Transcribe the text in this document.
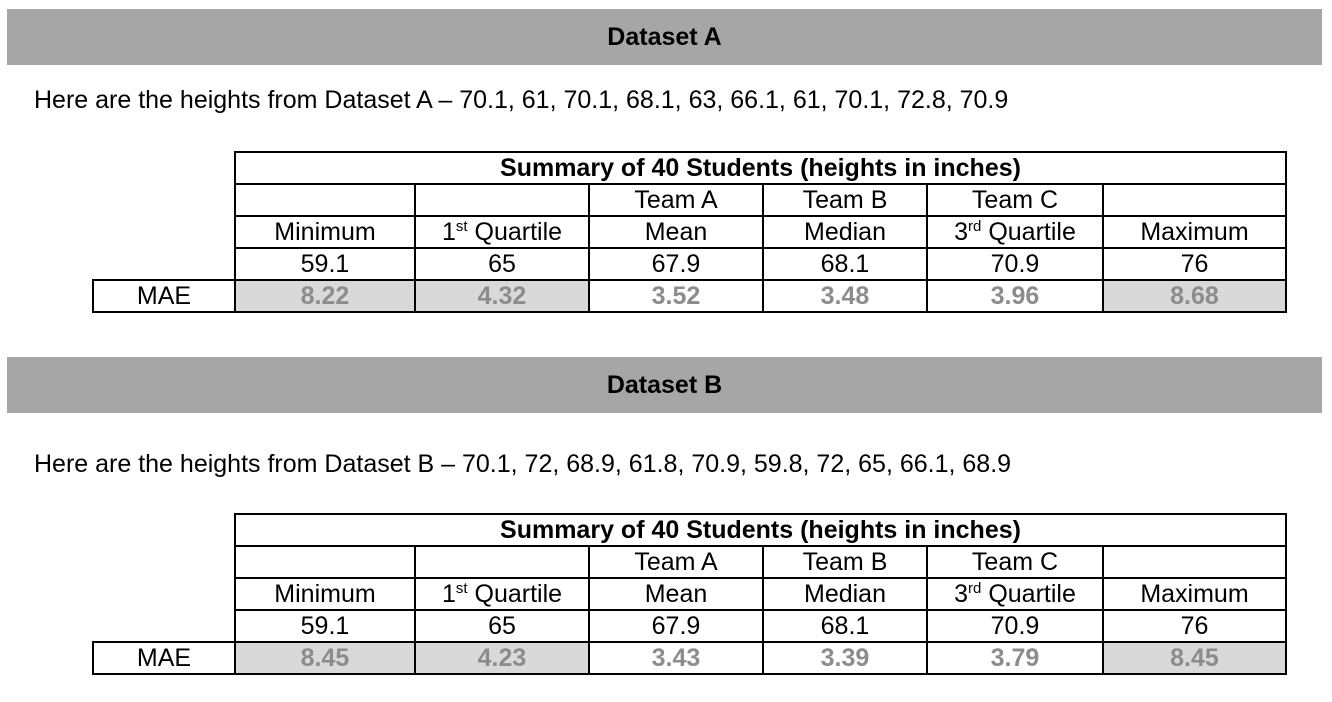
Dataset A
Here are the heights from Dataset A – 70.1, 61, 70.1, 68.1, 63, 66.1, 61, 70.1, 72.8, 70.9
	Summary of 40 Students (heights in inches)					
			Team A	Team B	Team C	
	Minimum	1st Quartile	Mean	Median	3rd Quartile	Maximum
	59.1	65	67.9	68.1	70.9	76
MAE	8.22	4.32	3.52	3.48	3.96	8.68
Dataset B
Here are the heights from Dataset B – 70.1, 72, 68.9, 61.8, 70.9, 59.8, 72, 65, 66.1, 68.9
	Summary of 40 Students (heights in inches)					
			Team A	Team B	Team C	
	Minimum	1st Quartile	Mean	Median	3rd Quartile	Maximum
	59.1	65	67.9	68.1	70.9	76
MAE	8.45	4.23	3.43	3.39	3.79	8.45
